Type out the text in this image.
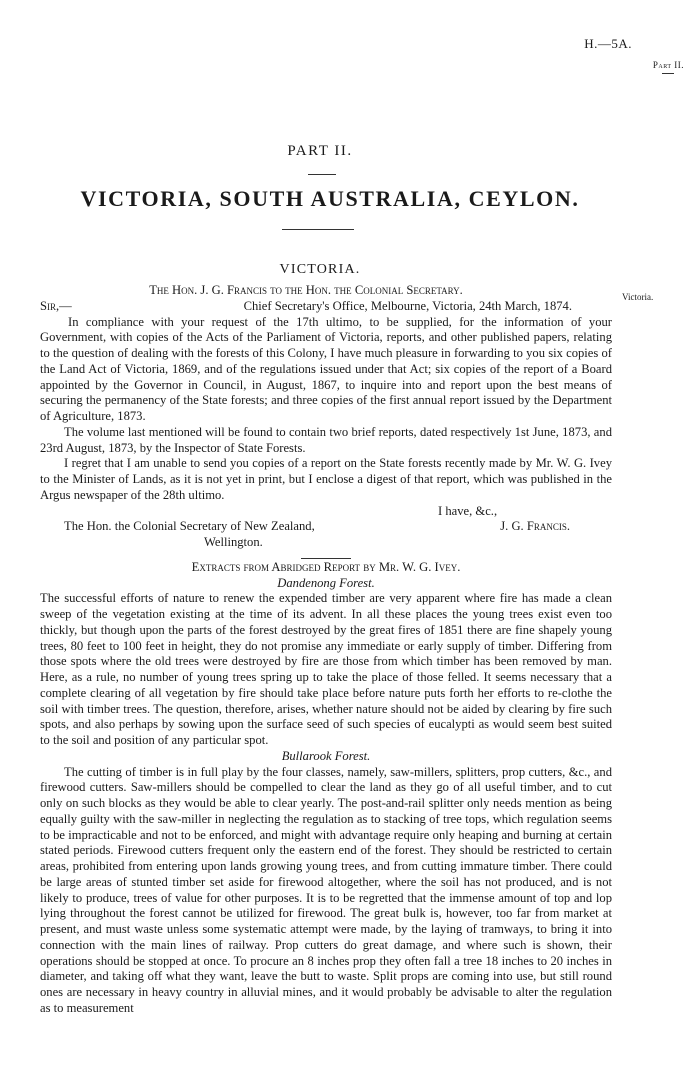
H.—5A.
Part II.
PART II.
VICTORIA, SOUTH AUSTRALIA, CEYLON.
VICTORIA.
Victoria.

The Hon. J. G. Francis to the Hon. the Colonial Secretary.

Sir,—	Chief Secretary's Office, Melbourne, Victoria, 24th March, 1874.

In compliance with your request of the 17th ultimo, to be supplied, for the information of your Government, with copies of the Acts of the Parliament of Victoria, reports, and other published papers, relating to the question of dealing with the forests of this Colony, I have much pleasure in forwarding to you six copies of the Land Act of Victoria, 1869, and of the regulations issued under that Act; six copies of the report of a Board appointed by the Governor in Council, in August, 1867, to inquire into and report upon the best means of securing the permanency of the State forests; and three copies of the first annual report issued by the Department of Agriculture, 1873.

The volume last mentioned will be found to contain two brief reports, dated respectively 1st June, 1873, and 23rd August, 1873, by the Inspector of State Forests.

I regret that I am unable to send you copies of a report on the State forests recently made by Mr. W. G. Ivey to the Minister of Lands, as it is not yet in print, but I enclose a digest of that report, which was published in the Argus newspaper of the 28th ultimo.

I have, &c.,

The Hon. the Colonial Secretary of New Zealand,	J. G. Francis.

Wellington.

Extracts from Abridged Report by Mr. W. G. Ivey.

Dandenong Forest.

The successful efforts of nature to renew the expended timber are very apparent where fire has made a clean sweep of the vegetation existing at the time of its advent. In all these places the young trees exist even too thickly, but though upon the parts of the forest destroyed by the great fires of 1851 there are fine shapely young trees, 80 feet to 100 feet in height, they do not promise any immediate or early supply of timber. Differing from those spots where the old trees were destroyed by fire are those from which timber has been removed by man. Here, as a rule, no number of young trees spring up to take the place of those felled. It seems necessary that a complete clearing of all vegetation by fire should take place before nature puts forth her efforts to re-clothe the soil with timber trees. The question, therefore, arises, whether nature should not be aided by clearing by fire such spots, and also perhaps by sowing upon the surface seed of such species of eucalypti as would seem best suited to the soil and position of any particular spot.

Bullarook Forest.

The cutting of timber is in full play by the four classes, namely, saw-millers, splitters, prop cutters, &c., and firewood cutters. Saw-millers should be compelled to clear the land as they go of all useful timber, and to cut only on such blocks as they would be able to clear yearly. The post-and-rail splitter only needs mention as being equally guilty with the saw-miller in neglecting the regulation as to stacking of tree tops, which regulation seems to be impracticable and not to be enforced, and might with advantage require only heaping and burning at certain stated periods. Firewood cutters frequent only the eastern end of the forest. They should be restricted to certain areas, prohibited from entering upon lands growing young trees, and from cutting immature timber. There could be large areas of stunted timber set aside for firewood altogether, where the soil has not produced, and is not likely to produce, trees of value for other purposes. It is to be regretted that the immense amount of top and lop lying throughout the forest cannot be utilized for firewood. The great bulk is, however, too far from market at present, and must waste unless some systematic attempt were made, by the laying of tramways, to bring it into connection with the main lines of railway. Prop cutters do great damage, and where such is shown, their operations should be stopped at once. To procure an 8 inches prop they often fall a tree 18 inches to 20 inches in diameter, and taking off what they want, leave the butt to waste. Split props are coming into use, but still round ones are necessary in heavy country in alluvial mines, and it would probably be advisable to alter the regulation as to measurement
